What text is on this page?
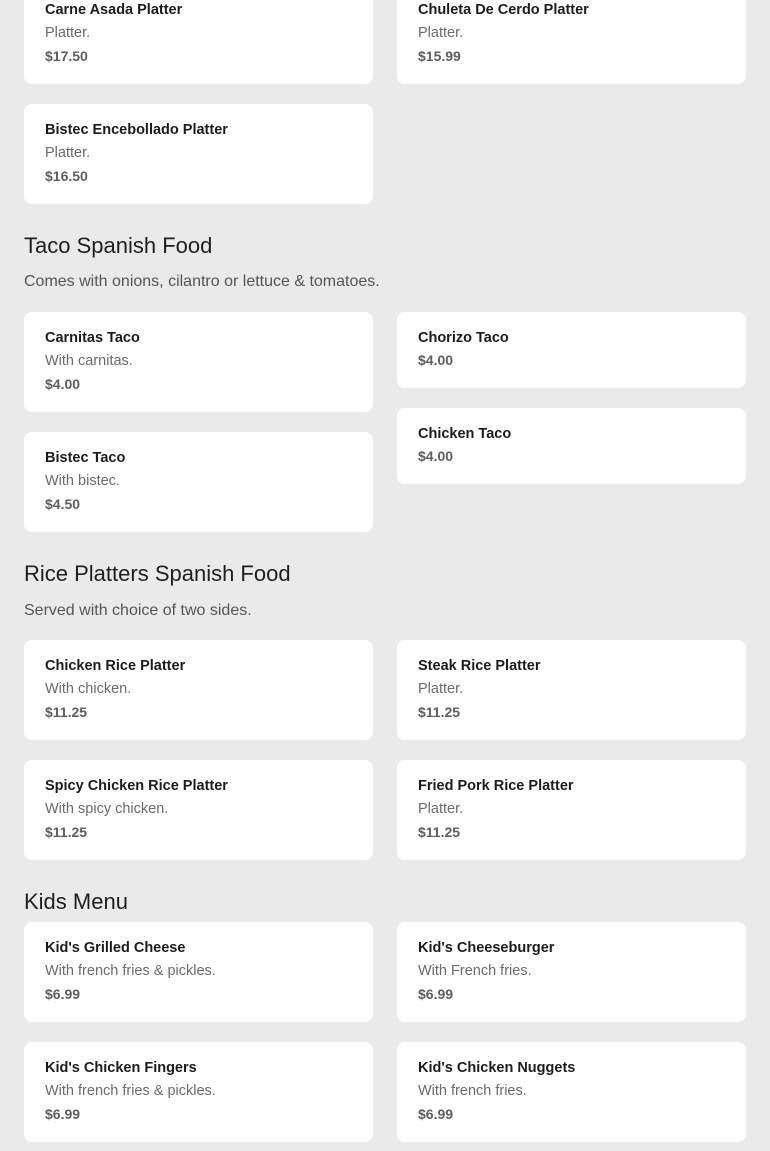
Carne Asada Platter
Platter.
$17.50
Chuleta De Cerdo Platter
Platter.
$15.99
Bistec Encebollado Platter
Platter.
$16.50
Taco Spanish Food
Comes with onions, cilantro or lettuce & tomatoes.
Carnitas Taco
With carnitas.
$4.00
Chorizo Taco
$4.00
Chicken Taco
$4.00
Bistec Taco
With bistec.
$4.50
Rice Platters Spanish Food
Served with choice of two sides.
Chicken Rice Platter
With chicken.
$11.25
Steak Rice Platter
Platter.
$11.25
Spicy Chicken Rice Platter
With spicy chicken.
$11.25
Fried Pork Rice Platter
Platter.
$11.25
Kids Menu
Kid's Grilled Cheese
With french fries & pickles.
$6.99
Kid's Cheeseburger
With French fries.
$6.99
Kid's Chicken Fingers
With french fries & pickles.
$6.99
Kid's Chicken Nuggets
With french fries.
$6.99
